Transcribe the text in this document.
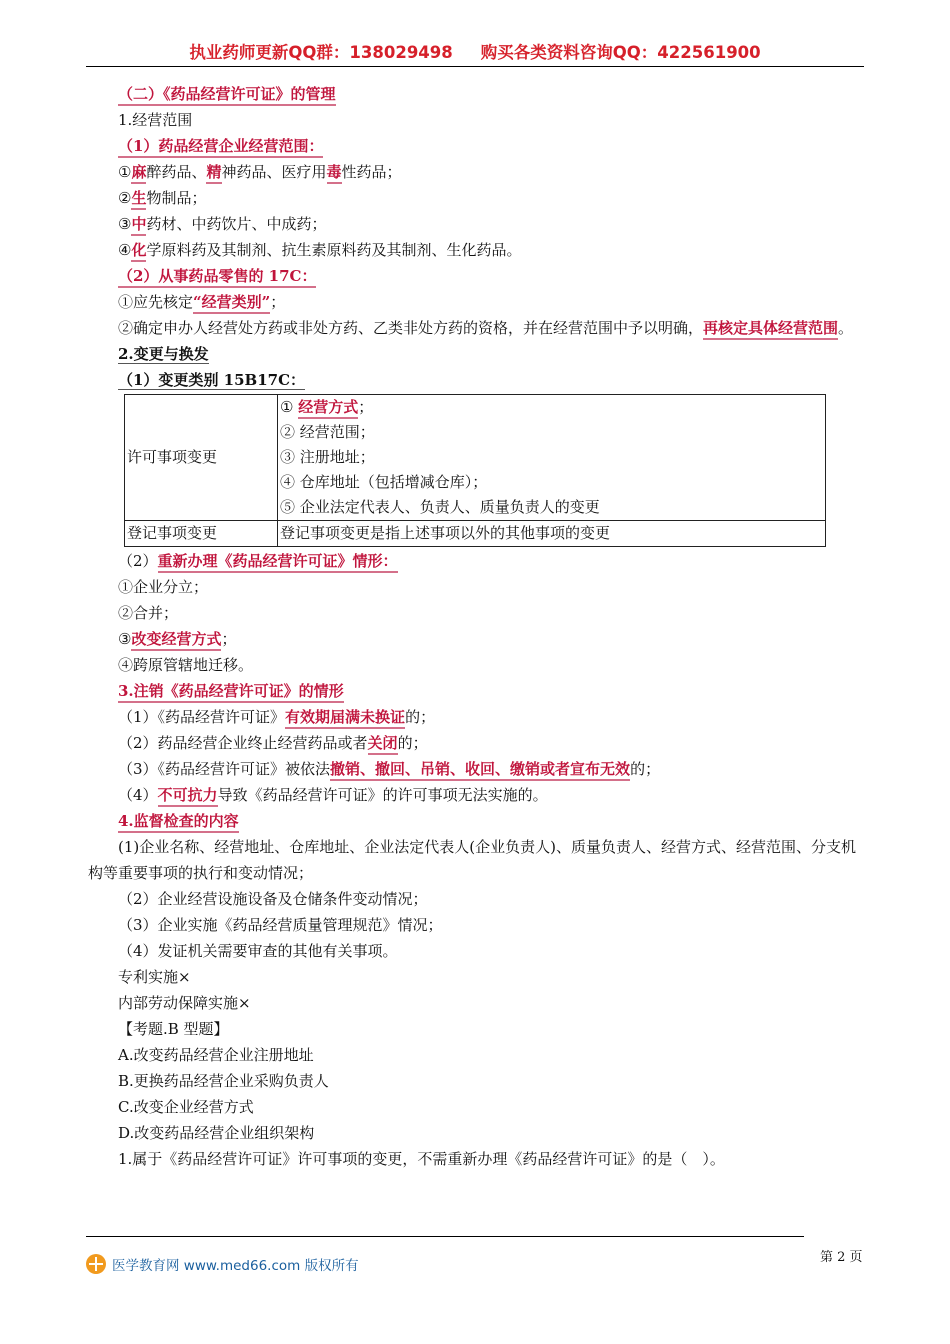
执业药师更新QQ群：138029498 购买各类资料咨询QQ：422561900
（二）《药品经营许可证》的管理
1.经营范围
（1）药品经营企业经营范围：
①麻醉药品、精神药品、医疗用毒性药品；
②生物制品；
③中药材、中药饮片、中成药；
④化学原料药及其制剂、抗生素原料药及其制剂、生化药品。
（2）从事药品零售的 17C：
①应先核定“经营类别”；
②确定申办人经营处方药或非处方药、乙类非处方药的资格，并在经营范围中予以明确，再核定具体经营范围。
2.变更与换发
（1）变更类别 15B17C：
许可事项变更	① 经营方式；
② 经营范围；
③ 注册地址；
④ 仓库地址（包括增减仓库）；
⑤ 企业法定代表人、负责人、质量负责人的变更

登记事项变更	登记事项变更是指上述事项以外的其他事项的变更
（2）重新办理《药品经营许可证》情形：
①企业分立；
②合并；
③改变经营方式；
④跨原管辖地迁移。
3.注销《药品经营许可证》的情形
（1）《药品经营许可证》有效期届满未换证的；
（2）药品经营企业终止经营药品或者关闭的；
（3）《药品经营许可证》被依法撤销、撤回、吊销、收回、缴销或者宣布无效的；
（4）不可抗力导致《药品经营许可证》的许可事项无法实施的。
4.监督检查的内容
(1)企业名称、经营地址、仓库地址、企业法定代表人(企业负责人)、质量负责人、经营方式、经营范围、分支机构等重要事项的执行和变动情况；
（2）企业经营设施设备及仓储条件变动情况；
（3）企业实施《药品经营质量管理规范》情况；
（4）发证机关需要审查的其他有关事项。
专利实施×
内部劳动保障实施×
【考题.B 型题】
A.改变药品经营企业注册地址
B.更换药品经营企业采购负责人
C.改变企业经营方式
D.改变药品经营企业组织架构
1.属于《药品经营许可证》许可事项的变更，不需重新办理《药品经营许可证》的是（　）。
医学教育网 www.med66.com 版权所有
第 2 页
